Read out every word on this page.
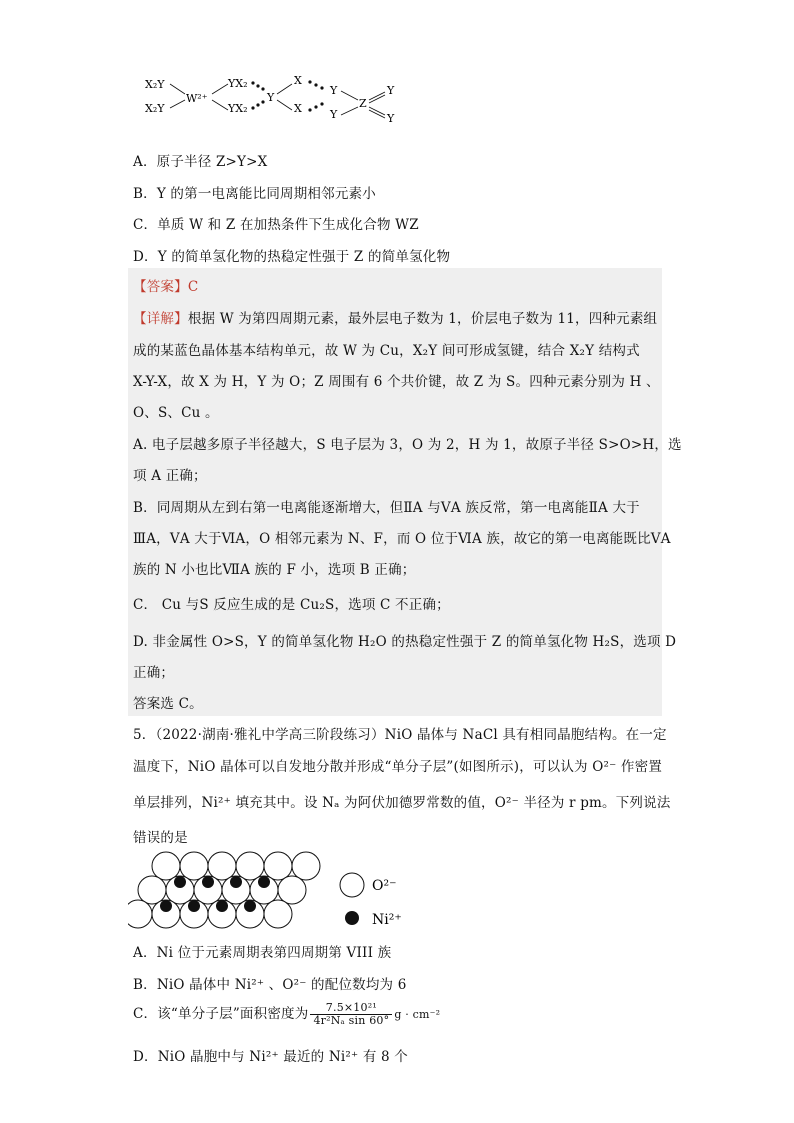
X₂Y
X₂Y
W²⁺
YX₂
YX₂
Y
X
X
Y
Y
Z
Y
Y
A．原子半径 Z>Y>X
B．Y 的第一电离能比同周期相邻元素小
C．单质 W 和 Z 在加热条件下生成化合物 WZ
D．Y 的简单氢化物的热稳定性强于 Z 的简单氢化物
【答案】C
【详解】根据 W 为第四周期元素，最外层电子数为 1，价层电子数为 11，四种元素组
成的某蓝色晶体基本结构单元，故 W 为 Cu，X₂Y 间可形成氢键，结合 X₂Y 结构式
X-Y-X，故 X 为 H，Y 为 O；Z 周围有 6 个共价键，故 Z 为 S。四种元素分别为 H 、
O、S、Cu 。
A. 电子层越多原子半径越大，S 电子层为 3，O 为 2，H 为 1，故原子半径 S>O>H，选
项 A 正确；
B．同周期从左到右第一电离能逐渐增大，但ⅡA 与ⅤA 族反常，第一电离能ⅡA 大于
ⅢA，ⅤA 大于ⅥA，O 相邻元素为 N、F，而 O 位于ⅥA 族，故它的第一电离能既比ⅤA
族的 N 小也比ⅦA 族的 F 小，选项 B 正确；
C． Cu 与S 反应生成的是 Cu₂S，选项 C 不正确；
D. 非金属性 O>S，Y 的简单氢化物 H₂O 的热稳定性强于 Z 的简单氢化物 H₂S，选项 D
正确；
答案选 C。
5．（2022·湖南·雅礼中学高三阶段练习）NiO 晶体与 NaCl 具有相同晶胞结构。在一定
温度下，NiO 晶体可以自发地分散并形成“单分子层”(如图所示)，可以认为 O²⁻ 作密置
单层排列，Ni²⁺ 填充其中。设 Nₐ 为阿伏加德罗常数的值，O²⁻ 半径为 r pm。下列说法
错误的是
O²⁻
Ni²⁺
A．Ni 位于元素周期表第四周期第 VIII 族
B．NiO 晶体中 Ni²⁺ 、O²⁻ 的配位数均为 6
C．该“单分子层”面积密度为 $\frac{\text{7.5×10²¹}}{\text{4r²Nₐ sin 60°}}$ g · cm⁻²
D．NiO 晶胞中与 Ni²⁺ 最近的 Ni²⁺ 有 8 个
